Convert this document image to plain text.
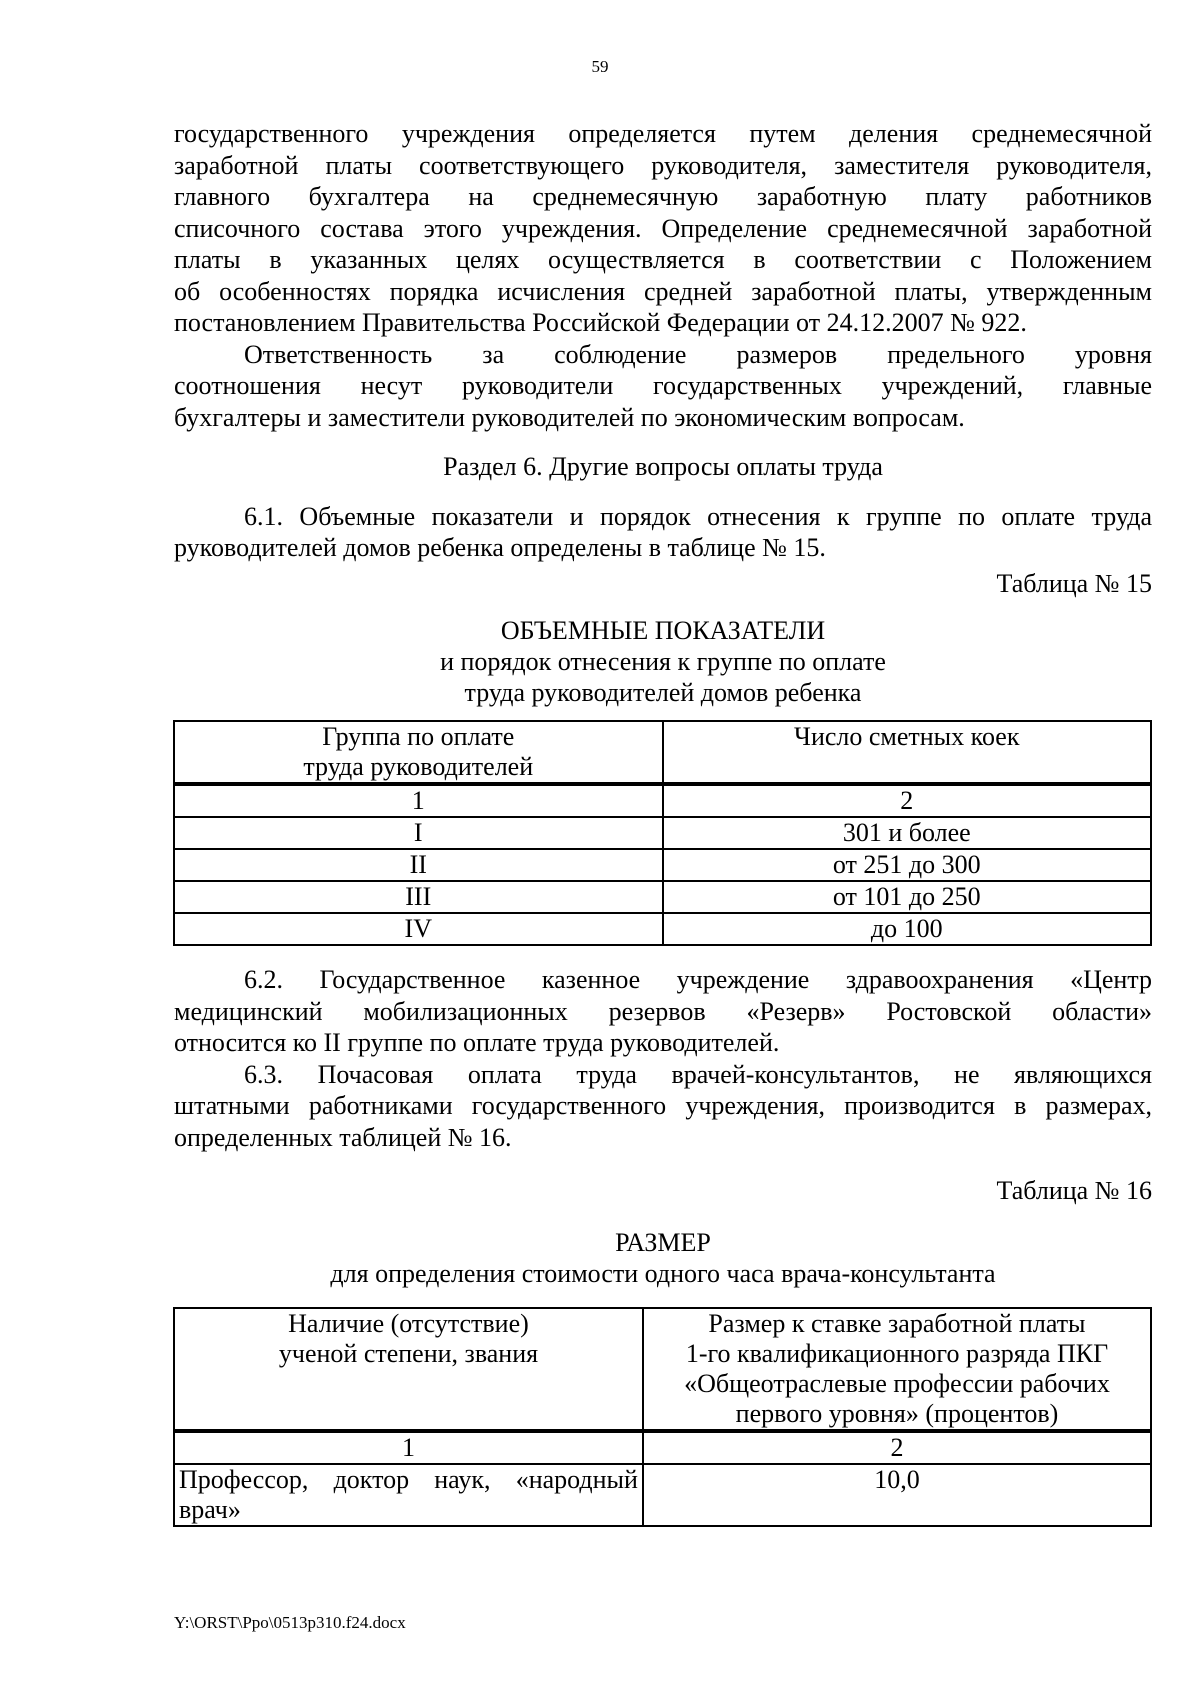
59

государственного учреждения определяется путем деления среднемесячной
заработной платы соответствующего руководителя, заместителя руководителя,
главного бухгалтера на среднемесячную заработную плату работников
списочного состава этого учреждения. Определение среднемесячной заработной
платы в указанных целях осуществляется в соответствии с Положением
об особенностях порядка исчисления средней заработной платы, утвержденным
постановлением Правительства Российской Федерации от 24.12.2007 № 922.

Ответственность за соблюдение размеров предельного уровня
соотношения несут руководители государственных учреждений, главные
бухгалтеры и заместители руководителей по экономическим вопросам.

Раздел 6. Другие вопросы оплаты труда

6.1. Объемные показатели и порядок отнесения к группе по оплате труда
руководителей домов ребенка определены в таблице № 15.

Таблица № 15

ОБЪЕМНЫЕ ПОКАЗАТЕЛИ

и порядок отнесения к группе по оплате
труда руководителей домов ребенка

Группа по оплате
труда руководителей	Число сметных коек
1	2
I	301 и более
II	от 251 до 300
III	от 101 до 250
IV	до 100

6.2. Государственное казенное учреждение здравоохранения «Центр
медицинский мобилизационных резервов «Резерв» Ростовской области»
относится ко II группе по оплате труда руководителей.

6.3. Почасовая оплата труда врачей-консультантов, не являющихся
штатными работниками государственного учреждения, производится в размерах,
определенных таблицей № 16.

Таблица № 16

РАЗМЕР

для определения стоимости одного часа врача-консультанта

Наличие (отсутствие)
ученой степени, звания	Размер к ставке заработной платы
1-го квалификационного разряда ПКГ
«Общеотраслевые профессии рабочих
первого уровня» (процентов)
1	2
Профессор, доктор наук, «народный
врач»	10,0
Y:\ORST\Ppo\0513p310.f24.docx
